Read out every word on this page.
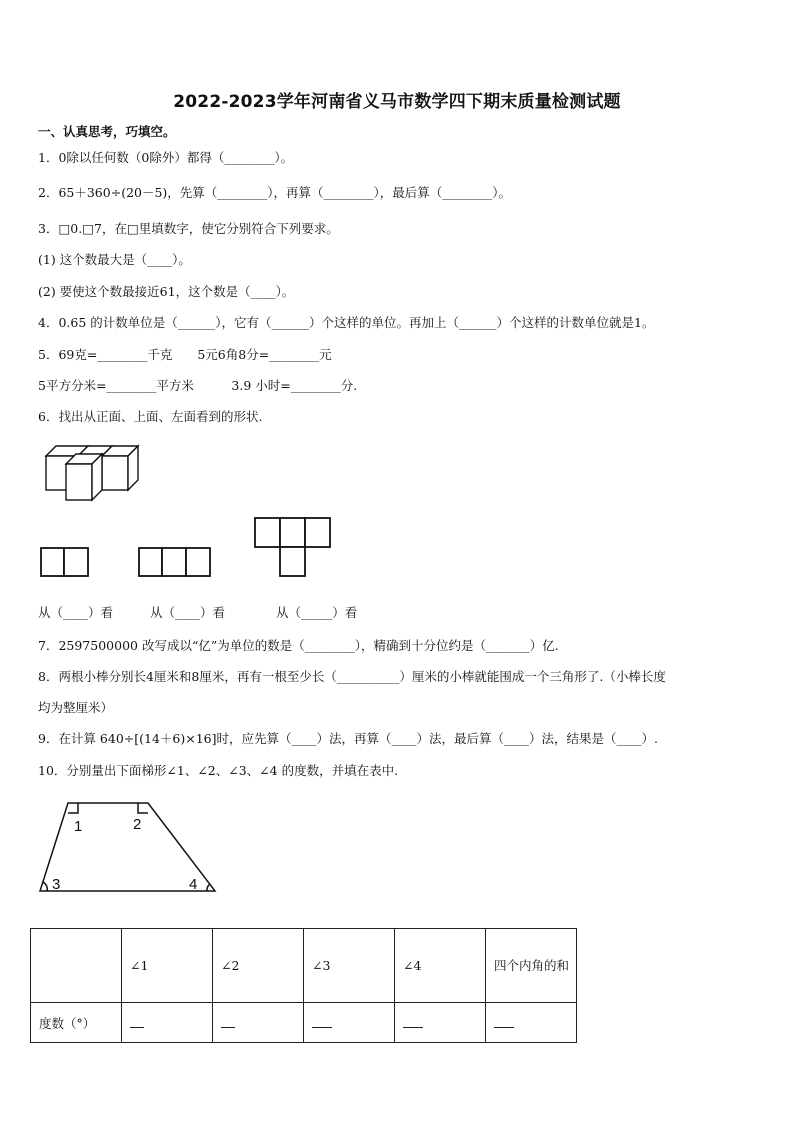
2022-2023学年河南省义马市数学四下期末质量检测试题
一、认真思考，巧填空。
1．0除以任何数（0除外）都得（________）。
2．65＋360÷(20－5)，先算（________），再算（________），最后算（________）。
3．□0.□7，在□里填数字，使它分别符合下列要求。
(1) 这个数最大是（____）。
(2) 要使这个数最接近61，这个数是（____）。
4．0.65 的计数单位是（______），它有（______）个这样的单位。再加上（______）个这样的计数单位就是1。
5．69克=________千克　　5元6角8分=________元
5平方分米=________平方米　　　3.9 小时=________分.
6．找出从正面、上面、左面看到的形状.
从（____）看	从（____）看	从（_____）看
7．2597500000 改写成以“亿”为单位的数是（________），精确到十分位约是（_______）亿.
8．两根小棒分别长4厘米和8厘米，再有一根至少长（__________）厘米的小棒就能围成一个三角形了.（小棒长度
均为整厘米）
9．在计算 640÷[(14＋6)×16]时，应先算（____）法，再算（____）法，最后算（____）法，结果是（____）.
10．分别量出下面梯形∠1、∠2、∠3、∠4 的度数，并填在表中.
1	2
3	4
	∠1	∠2	∠3	∠4	四个内角的和
度数（°）					
